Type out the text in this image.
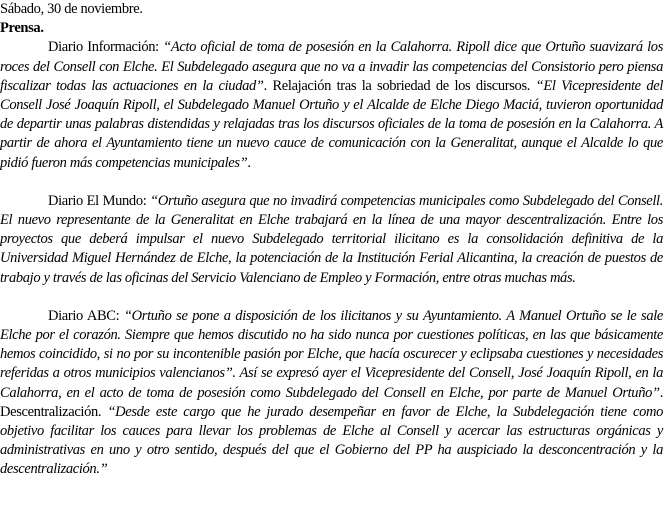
Sábado, 30 de noviembre.
Prensa.

Diario Información: “Acto oficial de toma de posesión en la Calahorra. Ripoll dice que Ortuño suavizará los roces del Consell con Elche. El Subdelegado asegura que no va a invadir las competencias del Consistorio pero piensa fiscalizar todas las actuaciones en la ciudad”. Relajación tras la sobriedad de los discursos. “El Vicepresidente del Consell José Joaquín Ripoll, el Subdelegado Manuel Ortuño y el Alcalde de Elche Diego Maciá, tuvieron oportunidad de departir unas palabras distendidas y relajadas tras los discursos oficiales de la toma de posesión en la Calahorra. A partir de ahora el Ayuntamiento tiene un nuevo cauce de comunicación con la Generalitat, aunque el Alcalde lo que pidió fueron más competencias municipales”.

Diario El Mundo: “Ortuño asegura que no invadirá competencias municipales como Subdelegado del Consell. El nuevo representante de la Generalitat en Elche trabajará en la línea de una mayor descentralización. Entre los proyectos que deberá impulsar el nuevo Subdelegado territorial ilicitano es la consolidación definitiva de la Universidad Miguel Hernández de Elche, la potenciación de la Institución Ferial Alicantina, la creación de puestos de trabajo y través de las oficinas del Servicio Valenciano de Empleo y Formación, entre otras muchas más.

Diario ABC: “Ortuño se pone a disposición de los ilicitanos y su Ayuntamiento. A Manuel Ortuño se le sale Elche por el corazón. Siempre que hemos discutido no ha sido nunca por cuestiones políticas, en las que básicamente hemos coincidido, si no por su incontenible pasión por Elche, que hacía oscurecer y eclipsaba cuestiones y necesidades referidas a otros municipios valencianos”. Así se expresó ayer el Vicepresidente del Consell, José Joaquín Ripoll, en la Calahorra, en el acto de toma de posesión como Subdelegado del Consell en Elche, por parte de Manuel Ortuño”. Descentralización. “Desde este cargo que he jurado desempeñar en favor de Elche, la Subdelegación tiene como objetivo facilitar los cauces para llevar los problemas de Elche al Consell y acercar las estructuras orgánicas y administrativas en uno y otro sentido, después del que el Gobierno del PP ha auspiciado la desconcentración y la descentralización.”
